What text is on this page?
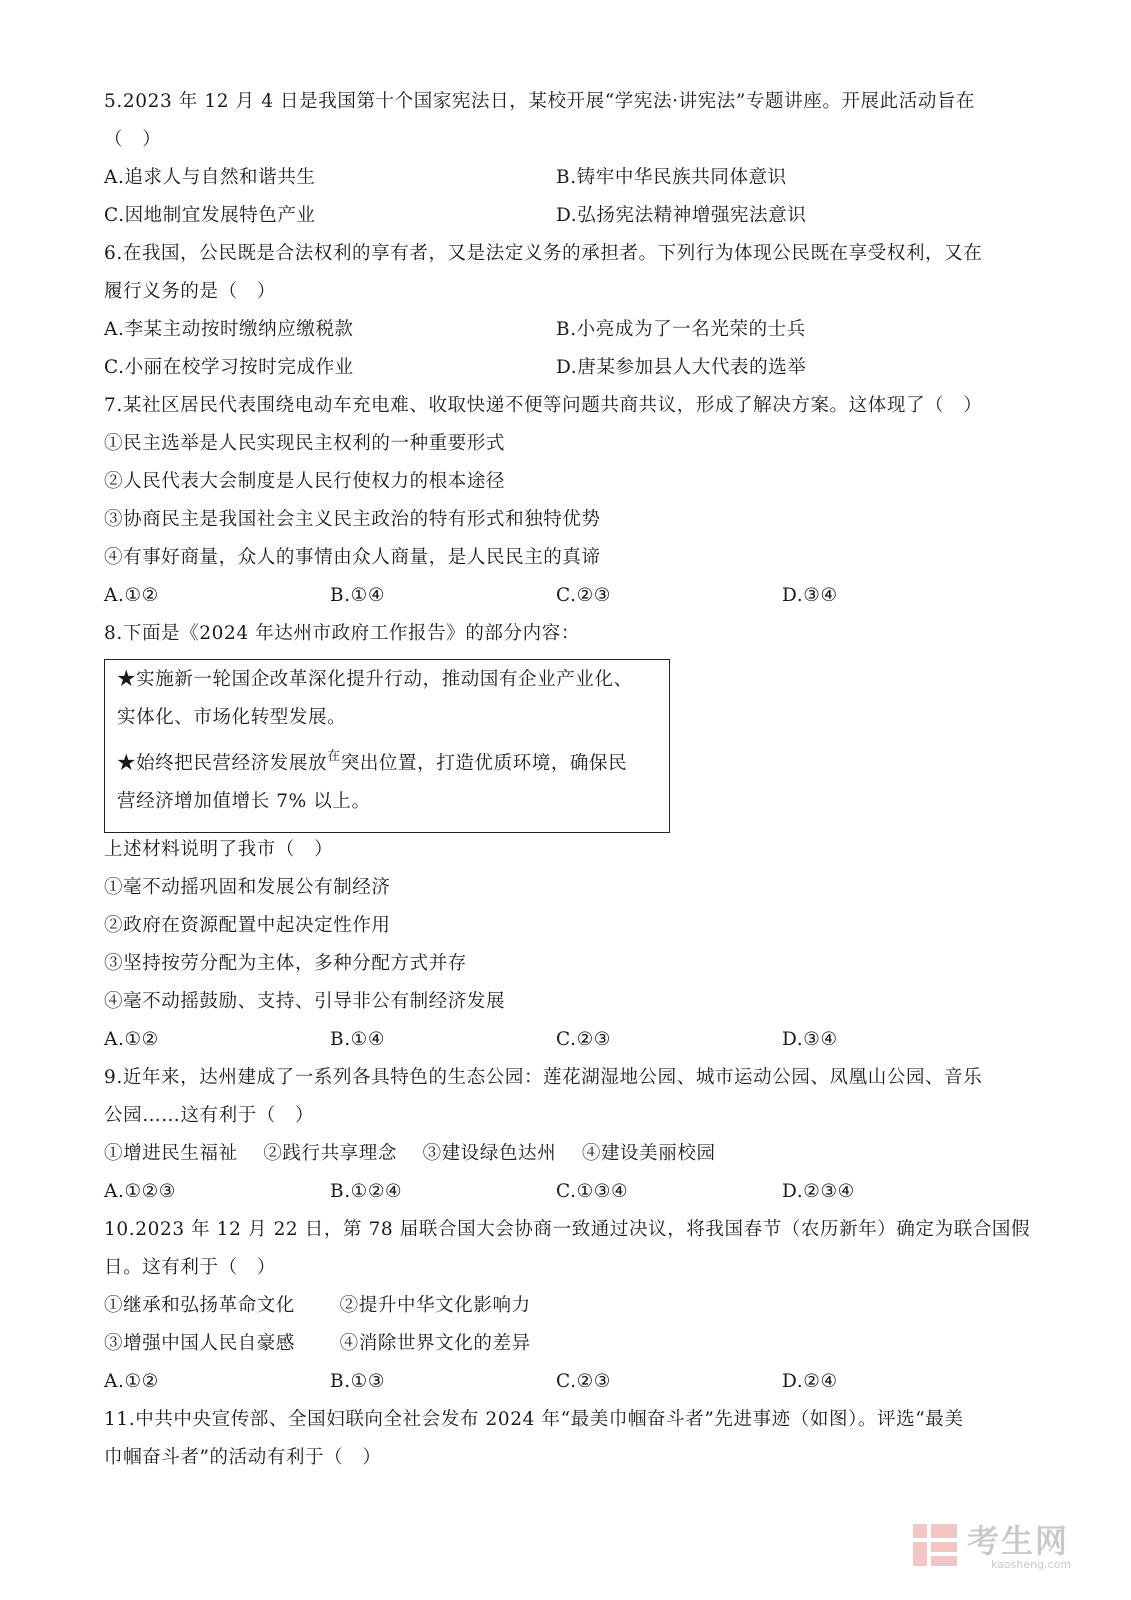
5.2023 年 12 月 4 日是我国第十个国家宪法日，某校开展“学宪法·讲宪法”专题讲座。开展此活动旨在
（　）
A.追求人与自然和谐共生	B.铸牢中华民族共同体意识
C.因地制宜发展特色产业	D.弘扬宪法精神增强宪法意识
6.在我国，公民既是合法权利的享有者，又是法定义务的承担者。下列行为体现公民既在享受权利，又在
履行义务的是（　）
A.李某主动按时缴纳应缴税款	B.小亮成为了一名光荣的士兵
C.小丽在校学习按时完成作业	D.唐某参加县人大代表的选举
7.某社区居民代表围绕电动车充电难、收取快递不便等问题共商共议，形成了解决方案。这体现了（　）
①民主选举是人民实现民主权利的一种重要形式
②人民代表大会制度是人民行使权力的根本途径
③协商民主是我国社会主义民主政治的特有形式和独特优势
④有事好商量，众人的事情由众人商量，是人民民主的真谛
A.①②	B.①④	C.②③	D.③④
8.下面是《2024 年达州市政府工作报告》的部分内容：
★实施新一轮国企改革深化提升行动，推动国有企业产业化、
实体化、市场化转型发展。
★始终把民营经济发展放$^在$突出位置，打造优质环境，确保民
营经济增加值增长 7% 以上。
上述材料说明了我市（　）
①毫不动摇巩固和发展公有制经济
②政府在资源配置中起决定性作用
③坚持按劳分配为主体，多种分配方式并存
④毫不动摇鼓励、支持、引导非公有制经济发展
A.①②	B.①④	C.②③	D.③④
9.近年来，达州建成了一系列各具特色的生态公园：莲花湖湿地公园、城市运动公园、凤凰山公园、音乐
公园……这有利于（　）
①增进民生福祉　 ②践行共享理念　 ③建设绿色达州　 ④建设美丽校园
A.①②③	B.①②④	C.①③④	D.②③④
10.2023 年 12 月 22 日，第 78 届联合国大会协商一致通过决议，将我国春节（农历新年）确定为联合国假
日。这有利于（　）
①继承和弘扬革命文化　　 ②提升中华文化影响力
③增强中国人民自豪感　　 ④消除世界文化的差异
A.①②	B.①③	C.②③	D.②④
11.中共中央宣传部、全国妇联向全社会发布 2024 年“最美巾帼奋斗者”先进事迹（如图）。评选“最美
巾帼奋斗者”的活动有利于（　）
考生网
kaosheng.com
